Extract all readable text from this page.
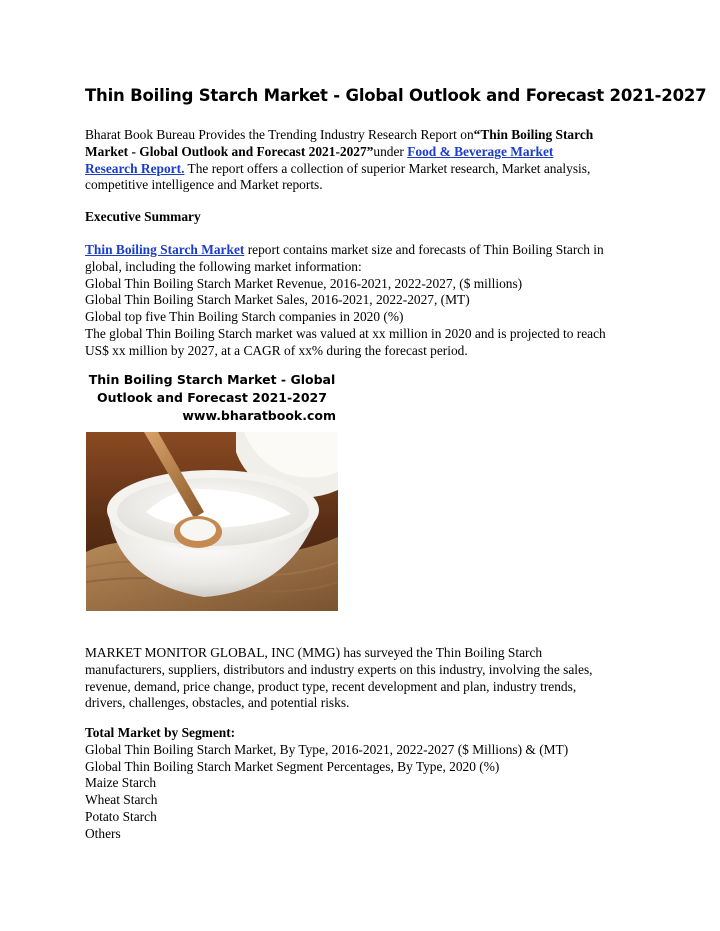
Thin Boiling Starch Market - Global Outlook and Forecast 2021-2027

Bharat Book Bureau Provides the Trending Industry Research Report on“Thin Boiling Starch
Market - Global Outlook and Forecast 2021-2027”under Food & Beverage Market
Research Report. The report offers a collection of superior Market research, Market analysis,
competitive intelligence and Market reports.

Executive Summary

Thin Boiling Starch Market report contains market size and forecasts of Thin Boiling Starch in
global, including the following market information:
Global Thin Boiling Starch Market Revenue, 2016-2021, 2022-2027, ($ millions)
Global Thin Boiling Starch Market Sales, 2016-2021, 2022-2027, (MT)
Global top five Thin Boiling Starch companies in 2020 (%)
The global Thin Boiling Starch market was valued at xx million in 2020 and is projected to reach
US$ xx million by 2027, at a CAGR of xx% during the forecast period.

Thin Boiling Starch Market - Global
Outlook and Forecast 2021-2027
www.bharatbook.com

MARKET MONITOR GLOBAL, INC (MMG) has surveyed the Thin Boiling Starch
manufacturers, suppliers, distributors and industry experts on this industry, involving the sales,
revenue, demand, price change, product type, recent development and plan, industry trends,
drivers, challenges, obstacles, and potential risks.

Total Market by Segment:
Global Thin Boiling Starch Market, By Type, 2016-2021, 2022-2027 ($ Millions) & (MT)
Global Thin Boiling Starch Market Segment Percentages, By Type, 2020 (%)
Maize Starch
Wheat Starch
Potato Starch
Others
